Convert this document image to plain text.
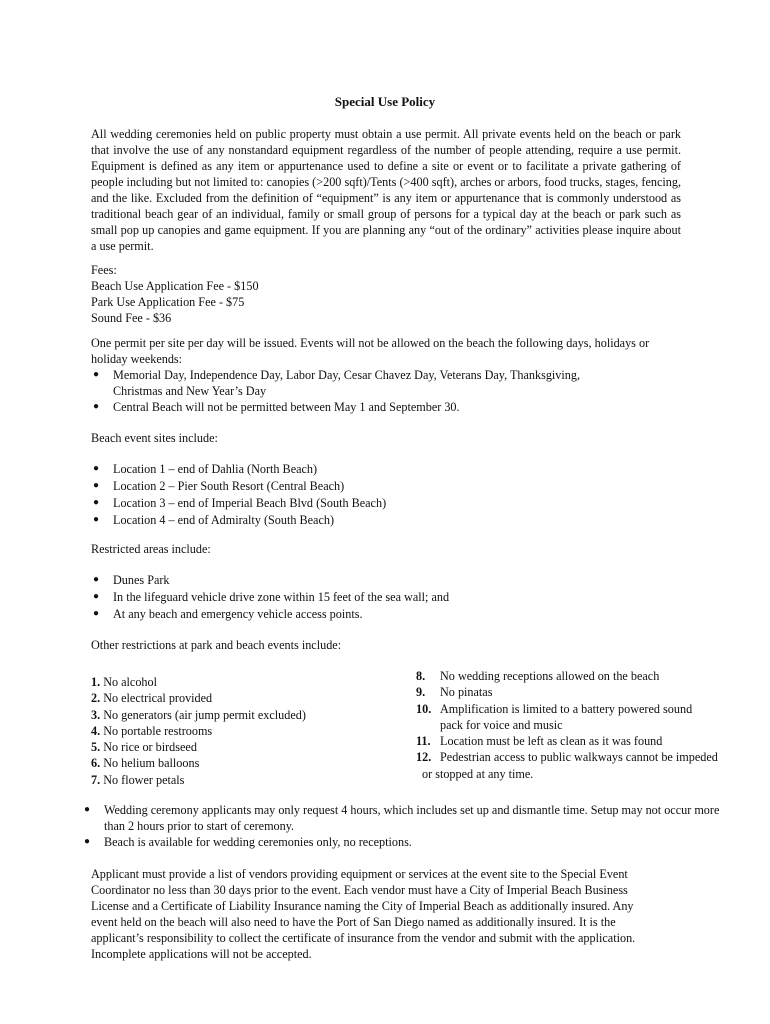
Special Use Policy

All wedding ceremonies held on public property must obtain a use permit. All private events held on the beach or park that involve the use of any nonstandard equipment regardless of the number of people attending, require a use permit. Equipment is defined as any item or appurtenance used to define a site or event or to facilitate a private gathering of people including but not limited to: canopies (>200 sqft)/Tents (>400 sqft), arches or arbors, food trucks, stages, fencing, and the like. Excluded from the definition of “equipment” is any item or appurtenance that is commonly understood as traditional beach gear of an individual, family or small group of persons for a typical day at the beach or park such as small pop up canopies and game equipment. If you are planning any “out of the ordinary” activities please inquire about a use permit.

Fees:
Beach Use Application Fee - $150
Park Use Application Fee - $75
Sound Fee - $36

One permit per site per day will be issued. Events will not be allowed on the beach the following days, holidays or holiday weekends:

● Memorial Day, Independence Day, Labor Day, Cesar Chavez Day, Veterans Day, Thanksgiving, Christmas and New Year’s Day
● Central Beach will not be permitted between May 1 and September 30.
Beach event sites include:
● Location 1 – end of Dahlia (North Beach)
● Location 2 – Pier South Resort (Central Beach)
● Location 3 – end of Imperial Beach Blvd (South Beach)
● Location 4 – end of Admiralty (South Beach)
Restricted areas include:
● Dunes Park
● In the lifeguard vehicle drive zone within 15 feet of the sea wall; and
● At any beach and emergency vehicle access points.
Other restrictions at park and beach events include:
1. No alcohol
2. No electrical provided
3. No generators (air jump permit excluded)
4. No portable restrooms
5. No rice or birdseed
6. No helium balloons
7. No flower petals
8.	No wedding receptions allowed on the beach
9.	No pinatas
10. Amplification is limited to a battery powered sound
pack for voice and music
11. Location must be left as clean as it was found
12. Pedestrian access to public walkways cannot be impeded
or stopped at any time.
● Wedding ceremony applicants may only request 4 hours, which includes set up and dismantle time. Setup may not occur more than 2 hours prior to start of ceremony.
● Beach is available for wedding ceremonies only, no receptions.

Applicant must provide a list of vendors providing equipment or services at the event site to the Special Event Coordinator no less than 30 days prior to the event. Each vendor must have a City of Imperial Beach Business License and a Certificate of Liability Insurance naming the City of Imperial Beach as additionally insured. Any event held on the beach will also need to have the Port of San Diego named as additionally insured. It is the applicant’s responsibility to collect the certificate of insurance from the vendor and submit with the application. Incomplete applications will not be accepted.
